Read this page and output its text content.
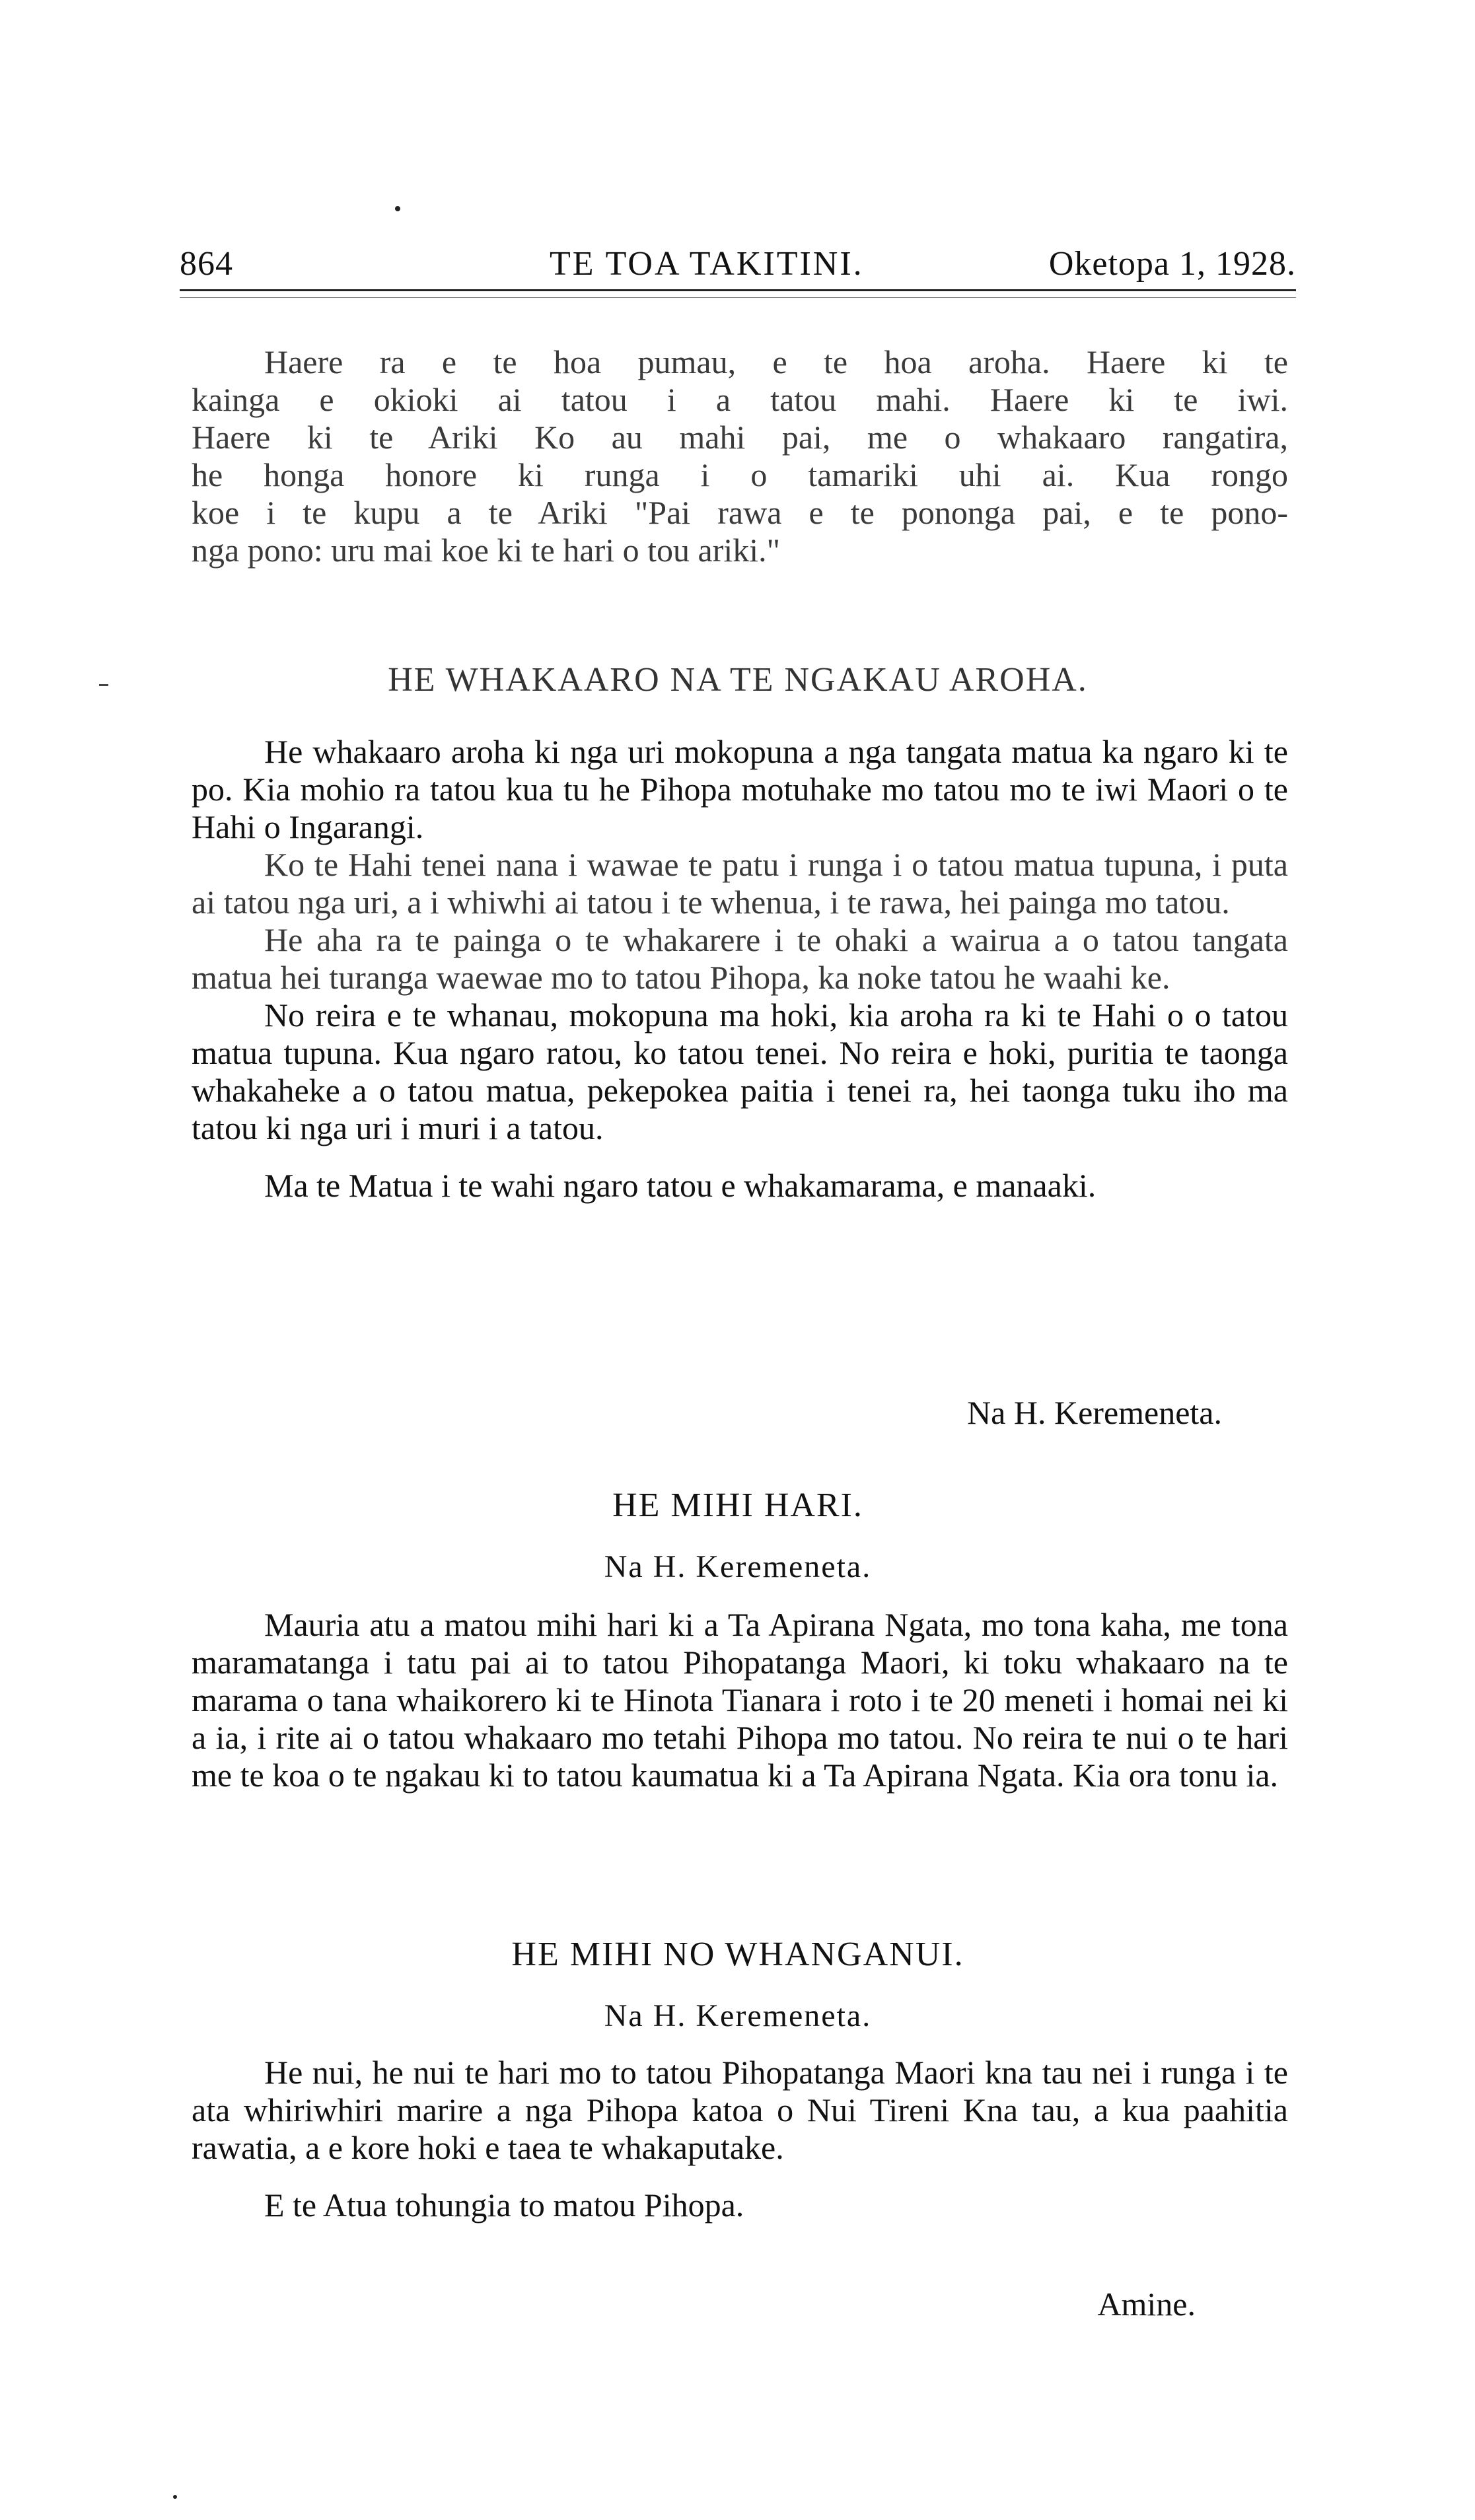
864	TE TOA TAKITINI.	Oketopa 1, 1928.

Haere ra e te hoa pumau, e te hoa aroha. Haere ki te

kainga e okioki ai tatou i a tatou mahi. Haere ki te iwi.

Haere ki te Ariki Ko au mahi pai, me o whakaaro rangatira,

he honga honore ki runga i o tamariki uhi ai. Kua rongo

koe i te kupu a te Ariki "Pai rawa e te pononga pai, e te pono-

nga pono: uru mai koe ki te hari o tou ariki."

HE WHAKAARO NA TE NGAKAU AROHA.

He whakaaro aroha ki nga uri mokopuna a nga tangata matua ka ngaro ki te po. Kia mohio ra tatou kua tu he Pihopa motuhake mo tatou mo te iwi Maori o te Hahi o Ingarangi.

Ko te Hahi tenei nana i wawae te patu i runga i o tatou matua tupuna, i puta ai tatou nga uri, a i whiwhi ai tatou i te whenua, i te rawa, hei painga mo tatou.

He aha ra te painga o te whakarere i te ohaki a wairua a o tatou tangata matua hei turanga waewae mo to tatou Pihopa, ka noke tatou he waahi ke.

No reira e te whanau, mokopuna ma hoki, kia aroha ra ki te Hahi o o tatou matua tupuna. Kua ngaro ratou, ko tatou tenei. No reira e hoki, puritia te taonga whakaheke a o tatou matua, pekepokea paitia i tenei ra, hei taonga tuku iho ma tatou ki nga uri i muri i a tatou.

Ma te Matua i te wahi ngaro tatou e whakamarama, e manaaki.

Na H. Keremeneta.
HE MIHI HARI.
Na H. Keremeneta.

Mauria atu a matou mihi hari ki a Ta Apirana Ngata, mo tona kaha, me tona maramatanga i tatu pai ai to tatou Pihopatanga Maori, ki toku whakaaro na te marama o tana whaikorero ki te Hinota Tianara i roto i te 20 meneti i homai nei ki a ia, i rite ai o tatou whakaaro mo tetahi Pihopa mo tatou. No reira te nui o te hari me te koa o te ngakau ki to tatou kaumatua ki a Ta Apirana Ngata. Kia ora tonu ia.

HE MIHI NO WHANGANUI.
Na H. Keremeneta.

He nui, he nui te hari mo to tatou Pihopatanga Maori kna tau nei i runga i te ata whiriwhiri marire a nga Pihopa katoa o Nui Tireni Kna tau, a kua paahitia rawatia, a e kore hoki e taea te whakaputake.

E te Atua tohungia to matou Pihopa.

Amine.
